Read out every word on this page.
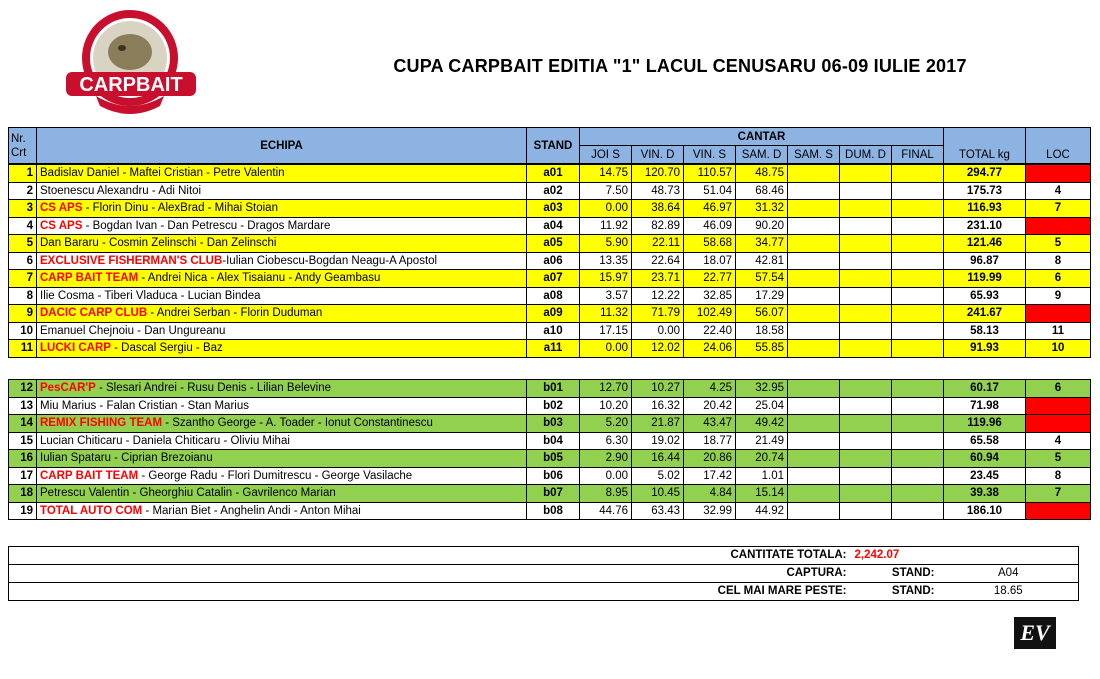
CARPBAIT
CUPA CARPBAIT EDITIA "1" LACUL CENUSARU 06-09 IULIE 2017
Nr.
Crt	ECHIPA	STAND	CANTAR							TOTAL kg	LOC
			JOI S	VIN. D	VIN. S	SAM. D	SAM. S	DUM. D	FINAL		
1	Badislav Daniel - Maftei Cristian - Petre Valentin	a01	14.75	120.70	110.57	48.75				294.77	1
2	Stoenescu Alexandru - Adi Nitoi	a02	7.50	48.73	51.04	68.46				175.73	4
3	CS APS - Florin Dinu - AlexBrad - Mihai Stoian	a03	0.00	38.64	46.97	31.32				116.93	7
4	CS APS - Bogdan Ivan - Dan Petrescu - Dragos Mardare	a04	11.92	82.89	46.09	90.20				231.10	3
5	Dan Bararu - Cosmin Zelinschi - Dan Zelinschi	a05	5.90	22.11	58.68	34.77				121.46	5
6	EXCLUSIVE FISHERMAN'S CLUB-Iulian Ciobescu-Bogdan Neagu-A Apostol	a06	13.35	22.64	18.07	42.81				96.87	8
7	CARP BAIT TEAM - Andrei Nica - Alex Tisaianu - Andy Geambasu	a07	15.97	23.71	22.77	57.54				119.99	6
8	Ilie Cosma - Tiberi Vladuca - Lucian Bindea	a08	3.57	12.22	32.85	17.29				65.93	9
9	DACIC CARP CLUB - Andrei Serban - Florin Duduman	a09	11.32	71.79	102.49	56.07				241.67	2
10	Emanuel Chejnoiu - Dan Ungureanu	a10	17.15	0.00	22.40	18.58				58.13	11
11	LUCKI CARP - Dascal Sergiu - Baz	a11	0.00	12.02	24.06	55.85				91.93	10
12	PesCAR'P - Slesari Andrei - Rusu Denis - Lilian Belevine	b01	12.70	10.27	4.25	32.95				60.17	6
13	Miu Marius - Falan Cristian - Stan Marius	b02	10.20	16.32	20.42	25.04				71.98	3
14	REMIX FISHING TEAM - Szantho George - A. Toader - Ionut Constantinescu	b03	5.20	21.87	43.47	49.42				119.96	2
15	Lucian Chiticaru - Daniela Chiticaru - Oliviu Mihai	b04	6.30	19.02	18.77	21.49				65.58	4
16	Iulian Spataru - Ciprian Brezoianu	b05	2.90	16.44	20.86	20.74				60.94	5
17	CARP BAIT TEAM - George Radu - Flori Dumitrescu - George Vasilache	b06	0.00	5.02	17.42	1.01				23.45	8
18	Petrescu Valentin - Gheorghiu Catalin - Gavrilenco Marian	b07	8.95	10.45	4.84	15.14				39.38	7
19	TOTAL AUTO COM - Marian Biet - Anghelin Andi - Anton Mihai	b08	44.76	63.43	32.99	44.92				186.10	1
CANTITATE TOTALA:	2,242.07	
CAPTURA:	STAND:	A04
CEL MAI MARE PESTE:	STAND:	18.65
EV
